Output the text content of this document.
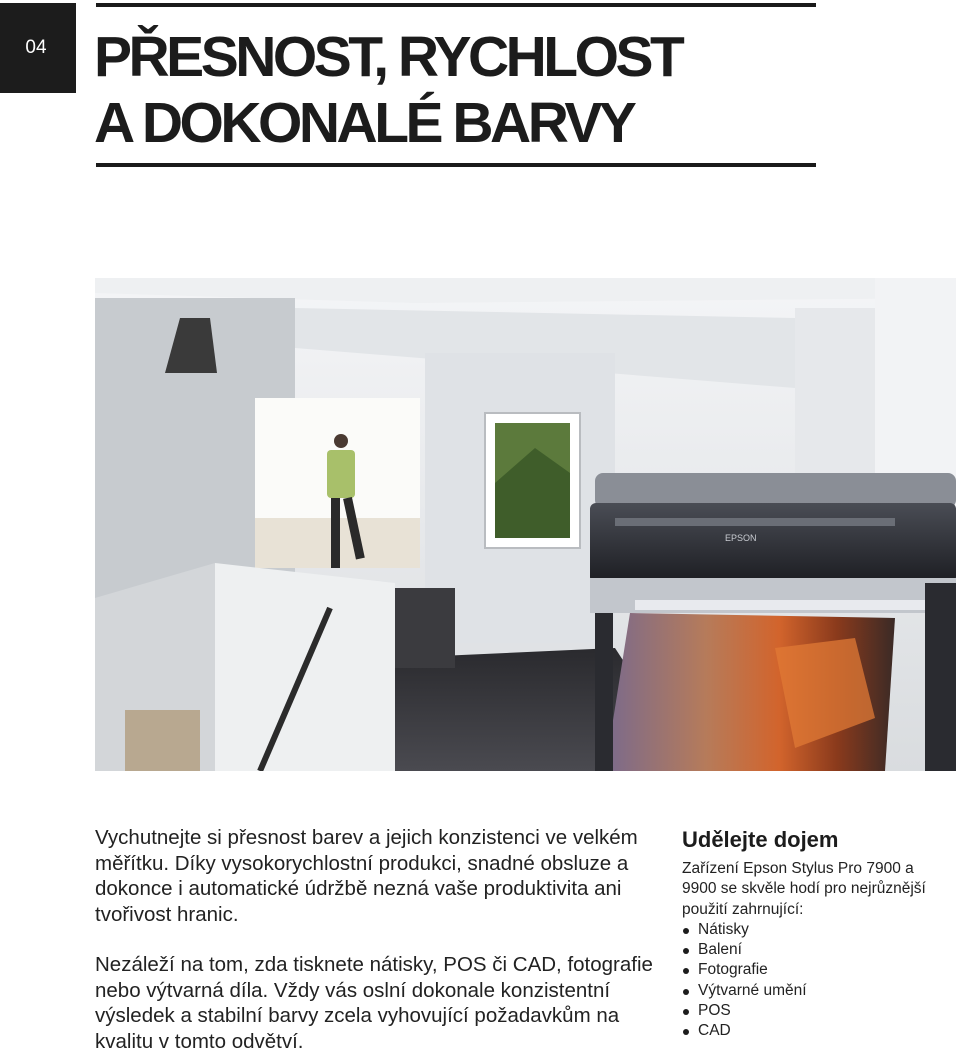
04 PŘESNOST, RYCHLOST
A DOKONALÉ BARVY
EPSON

Vychutnejte si přesnost barev a jejich konzistenci ve velkém měřítku. Díky vysokorychlostní produkci, snadné obsluze a dokonce i automatické údržbě nezná vaše produktivita ani tvořivost hranic.

Nezáleží na tom, zda tisknete nátisky, POS či CAD, fotografie nebo výtvarná díla. Vždy vás oslní dokonale konzistentní výsledek a stabilní barvy zcela vyhovující požadavkům na kvalitu v tomto odvětví.

Udělejte dojem

Zařízení Epson Stylus Pro 7900 a 9900 se skvěle hodí pro nejrůznější použití zahrnující:

Nátisky
Balení
Fotografie
Výtvarné umění
POS
CAD
